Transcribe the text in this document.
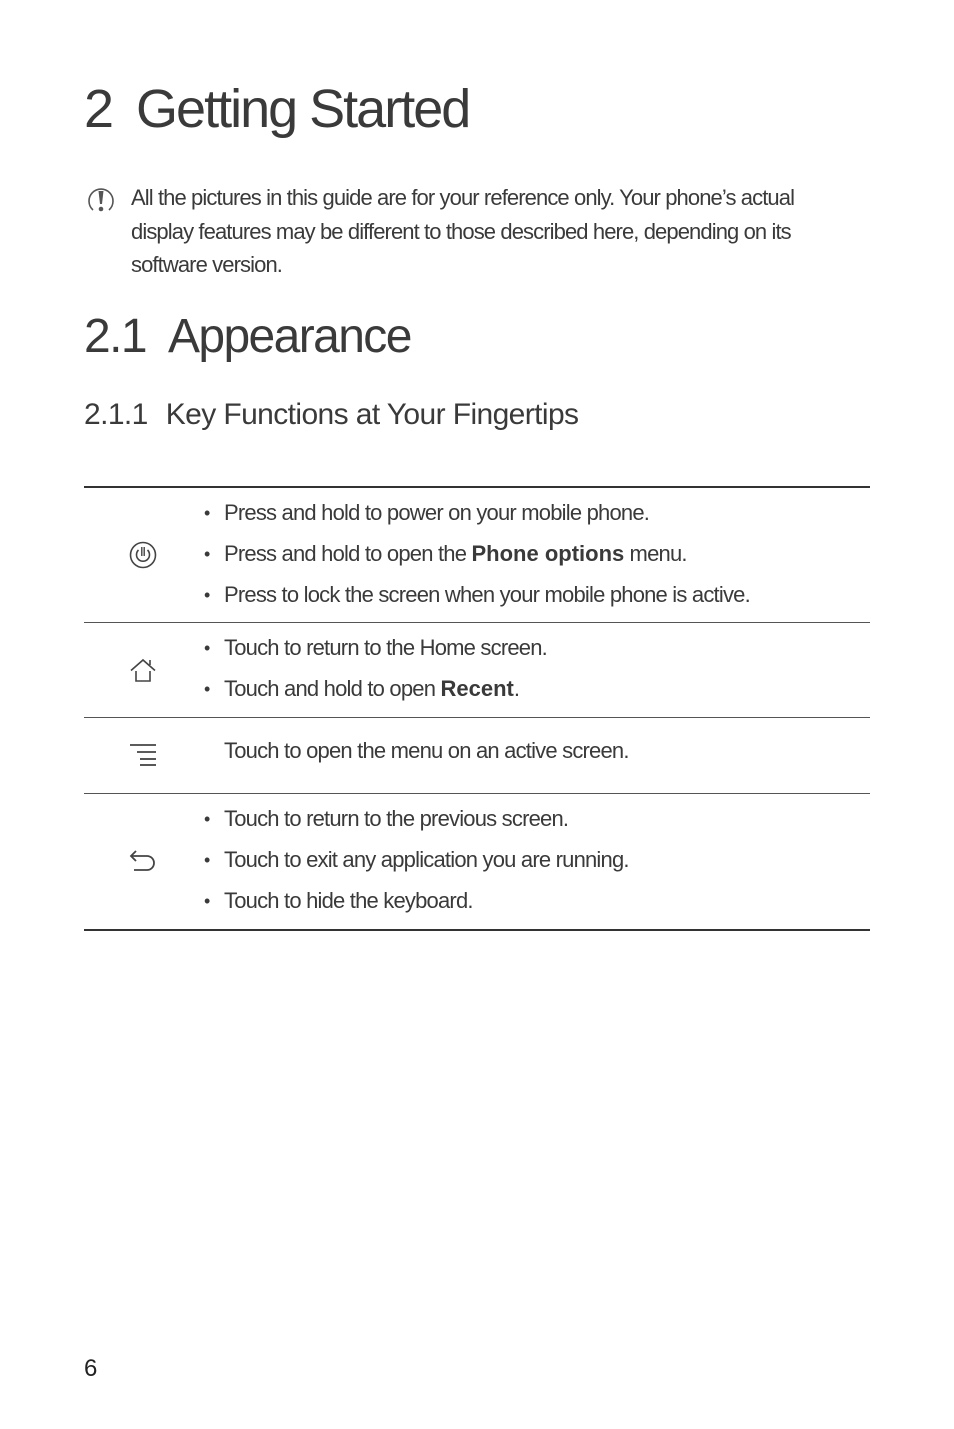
2 Getting Started
All the pictures in this guide are for your reference only. Your phone’s actual
display features may be different to those described here, depending on its
software version.
2.1 Appearance
2.1.1 Key Functions at Your Fingertips
• Press and hold to power on your mobile phone.
• Press and hold to open the Phone options menu.
• Press to lock the screen when your mobile phone is active.
• Touch to return to the Home screen.
• Touch and hold to open Recent.
Touch to open the menu on an active screen.
• Touch to return to the previous screen.
• Touch to exit any application you are running.
• Touch to hide the keyboard.
6
